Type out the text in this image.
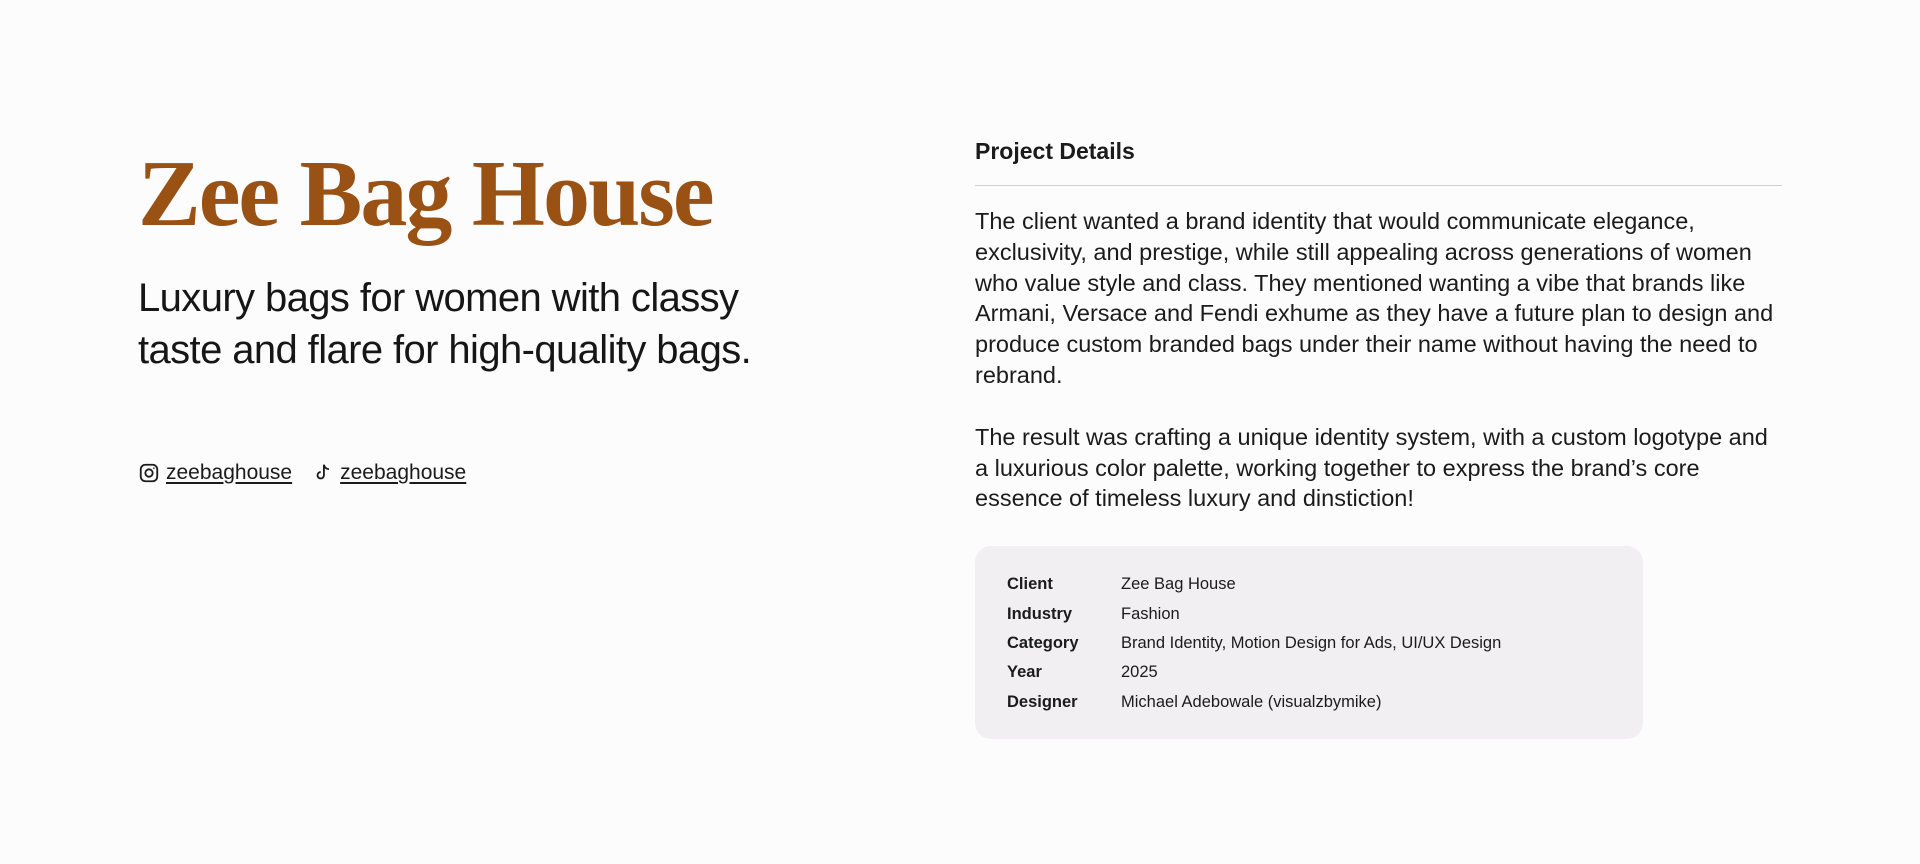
Zee Bag House

Luxury bags for women with classy taste and flare for high-quality bags.

zeebaghouse zeebaghouse
Project Details

The client wanted a brand identity that would communicate elegance, exclusivity, and prestige, while still appealing across generations of women who value style and class. They mentioned wanting a vibe that brands like Armani, Versace and Fendi exhume as they have a future plan to design and produce custom branded bags under their name without having the need to rebrand.

The result was crafting a unique identity system, with a custom logotype and a luxurious color palette, working together to express the brand’s core essence of timeless luxury and dinstiction!

Client	Zee Bag House
Industry	Fashion
Category	Brand Identity, Motion Design for Ads, UI/UX Design
Year	2025
Designer	Michael Adebowale (visualzbymike)
